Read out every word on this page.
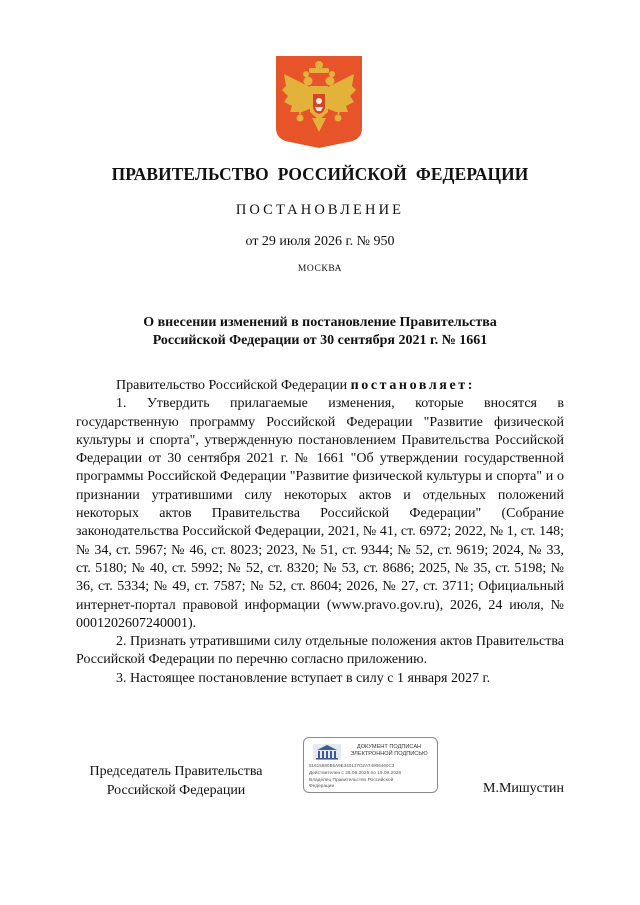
ПРАВИТЕЛЬСТВО  РОССИЙСКОЙ  ФЕДЕРАЦИИ
ПОСТАНОВЛЕНИЕ
от 29 июля 2026 г. № 950
МОСКВА
О внесении изменений в постановление Правительства
Российской Федерации от 30 сентября 2021 г. № 1661

Правительство Российской Федерации постановляет:

1. Утвердить прилагаемые изменения, которые вносятся в государственную программу Российской Федерации "Развитие физической культуры и спорта", утвержденную постановлением Правительства Российской Федерации от 30 сентября 2021 г. № 1661 "Об утверждении государственной программы Российской Федерации "Развитие физической культуры и спорта" и о признании утратившими силу некоторых актов и отдельных положений некоторых актов Правительства Российской Федерации" (Собрание законодательства Российской Федерации, 2021, № 41, ст. 6972; 2022, № 1, ст. 148; № 34, ст. 5967; № 46, ст. 8023; 2023, № 51, ст. 9344; № 52, ст. 9619; 2024, № 33, ст. 5180; № 40, ст. 5992; № 52, ст. 8320; № 53, ст. 8686; 2025, № 35, ст. 5198; № 36, ст. 5334; № 49, ст. 7587; № 52, ст. 8604; 2026, № 27, ст. 3711; Официальный интернет-портал правовой информации (www.pravo.gov.ru), 2026, 24 июля, № 0001202607240001).

2. Признать утратившими силу отдельные положения актов Правительства Российской Федерации по перечню согласно приложению.

3. Настоящее постановление вступает в силу с 1 января 2027 г.

Председатель Правительства
Российской Федерации
ДОКУМЕНТ ПОДПИСАН
ЭЛЕКТРОННОЙ ПОДПИСЬЮ
51615680B5A9E340137D2A74906460C3
Действителен с 26.06.2025 по 19.09.2026
Владелец Правительство Российской
Федерации	М.Мишустин
